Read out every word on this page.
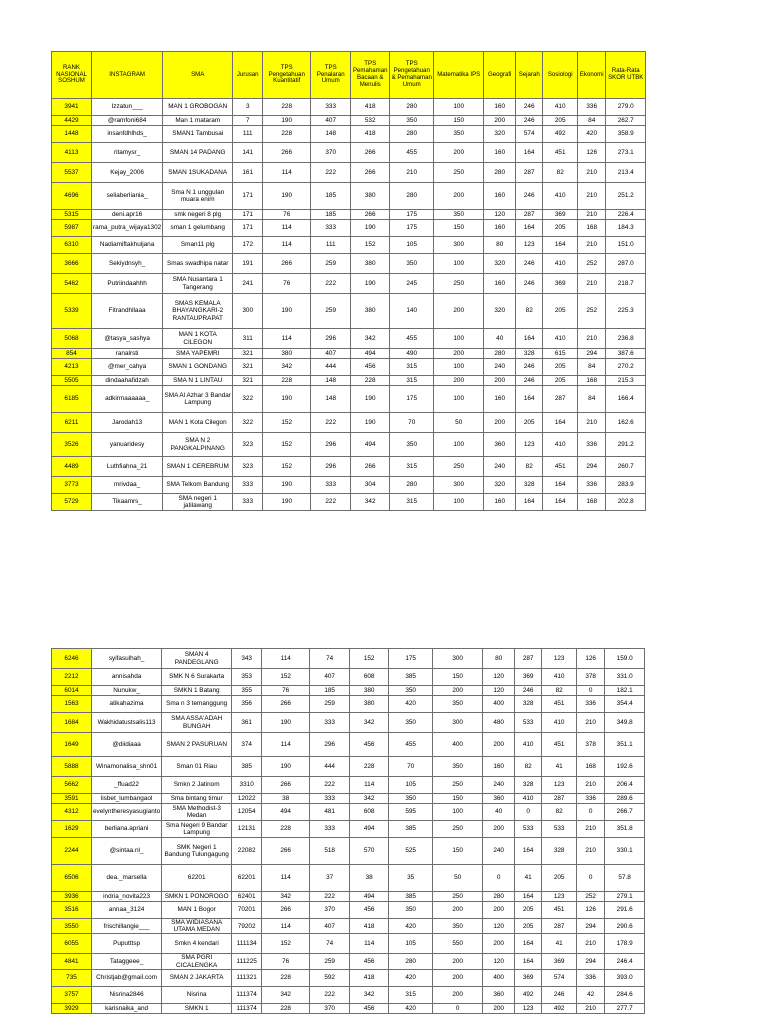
RANK NASIONAL SOSHUM	INSTAGRAM	SMA	Jurusan	TPS Pengetahuan Kuantitatif	TPS Penalaran Umum	TPS Pemahaman Bacaan & Menulis	TPS Pengetahuan & Pemahaman Umum	Matematika IPS	Geografi	Sejarah	Sosiologi	Ekonomi	Rata-Rata SKOR UTBK
3941	Izzatun___	MAN 1 GROBOGAN	3	228	333	418	280	100	160	246	410	336	279.0
4429	@ramfoni684	Man 1 mataram	7	190	407	532	350	150	200	246	205	84	262.7
1448	insanfdhlhds_	SMAN1 Tambusai	111	228	148	418	280	350	320	574	492	420	358.9
4113	ritamysr_	SMAN 14 PADANG	141	266	370	266	455	200	160	164	451	126	273.1
5537	Kejay_2006	SMAN 1SUKADANA	161	114	222	266	210	250	280	287	82	210	213.4
4696	seliaberliania_	Sma N 1 unggulan muara enim	171	190	185	380	280	200	160	246	410	210	251.2
5315	deni.apr16	smk negeri 8 plg	171	76	185	266	175	350	120	287	369	210	226.4
5987	rama_putra_wijaya1302	sman 1 gelumbang	171	114	333	190	175	150	160	164	205	168	184.3
6310	Nadiamiftakhuljana	Sman11 plg	172	114	111	152	105	300	80	123	164	210	151.0
3666	Sekiydnsyh_	Smas swadhipa natar	191	266	259	380	350	100	320	246	410	252	287.0
5462	Putriindaahhh	SMA Nusantara 1 Tangerang	241	76	222	190	245	250	160	246	369	210	218.7
5339	Fitrandhllaaa	SMAS KEMALA BHAYANGKARI-2 RANTAUPRAPAT	300	190	259	380	140	200	320	82	205	252	225.3
5068	@tasya_sashya	MAN 1 KOTA CILEGON	311	114	296	342	455	100	40	164	410	210	236.8
854	ranalrsti	SMA YAPEMRI	321	380	407	494	490	200	280	328	615	294	387.6
4213	@mer_cahya	SMAN 1 GONDANG	321	342	444	456	315	100	240	246	205	84	270.2
5505	dindaahafidzah	SMA N 1 LINTAU	321	228	148	228	315	200	200	246	205	168	215.3
6185	adkirmaaaaaa_	SMA Al Azhar 3 Bandar Lampung	322	190	148	190	175	100	160	164	287	84	166.4
6211	Jarodah13	MAN 1 Kota Cilegon	322	152	222	190	70	50	200	205	164	210	162.6
3526	yanuaridesy	SMA N 2 PANGKALPINANG	323	152	296	494	350	100	360	123	410	336	291.2
4489	Luthfiahna_21	SMAN 1 CEREBRUM	323	152	296	266	315	250	240	82	451	294	260.7
3773	mrivdaa_	SMA Telkom Bandung	333	190	333	304	280	300	320	328	164	336	283.9
5729	Tikaamrs_	SMA negeri 1 jatilawang	333	190	222	342	315	100	160	164	164	168	202.8
6246	syifasulhah_	SMAN 4 PANDEGLANG	343	114	74	152	175	300	80	287	123	126	159.0
2212	annisahda	SMK N 6 Surakarta	353	152	407	608	385	150	120	369	410	378	331.0
6014	Nunukw_	SMKN 1 Batang	355	76	185	380	350	200	120	246	82	0	182.1
1563	atikahazima	Sma n 3 temanggung	356	266	259	380	420	350	400	328	451	336	354.4
1684	Wakhidatustsalis113	SMA ASSA'ADAH BUNGAH	361	190	333	342	350	300	480	533	410	210	349.8
1649	@diidiaaa	SMAN 2 PASURUAN	374	114	296	456	455	400	200	410	451	378	351.1
5888	Winamonalisa_shn01	Sman 01 Riau	385	190	444	228	70	350	160	82	41	168	192.6
5662	_ffuad22	Smkn 2 Jatinom	3310	266	222	114	105	250	240	328	123	210	206.4
3591	lisbet_lumbangaol	Sma bintang timur	12022	38	333	342	350	150	360	410	287	336	289.6
4312	evelyntheresyasugianto	SMA Methodist-3 Medan	12054	494	481	608	595	100	40	0	82	0	266.7
1629	berliana.apriani	Sma Negeri 9 Bandar Lampung	12131	228	333	494	385	250	200	533	533	210	351.8
2244	@sintaa.nl_	SMK Negeri 1 Bandung Tulungagung	22082	266	518	570	525	150	240	164	328	210	330.1
6506	dea._marsella	62201	62201	114	37	38	35	50	0	41	205	0	57.8
3936	indria_novita223	SMKN 1 PONOROGO	62401	342	222	494	385	250	280	164	123	252	279.1
3516	annaa_3124	MAN 1 Bogor	70201	266	370	456	350	200	200	205	451	126	291.6
3550	frischillangie___	SMA WIDIASANA UTAMA MEDAN	79202	114	407	418	420	350	120	205	287	294	290.6
6055	Puputttsp	Smkn 4 kendari	111134	152	74	114	105	550	200	164	41	210	178.9
4841	Tataggeee_	SMA PGRI CICALENGKA	111225	76	259	456	280	200	120	164	369	294	246.4
735	Christjab@gmail.com	SMAN 2 JAKARTA	111321	228	592	418	420	200	400	369	574	336	393.0
3757	Nisrina2846	Nisrina	111374	342	222	342	315	200	360	492	246	42	284.6
3929	karisnaika_and	SMKN 1	111374	228	370	456	420	0	200	123	492	210	277.7
